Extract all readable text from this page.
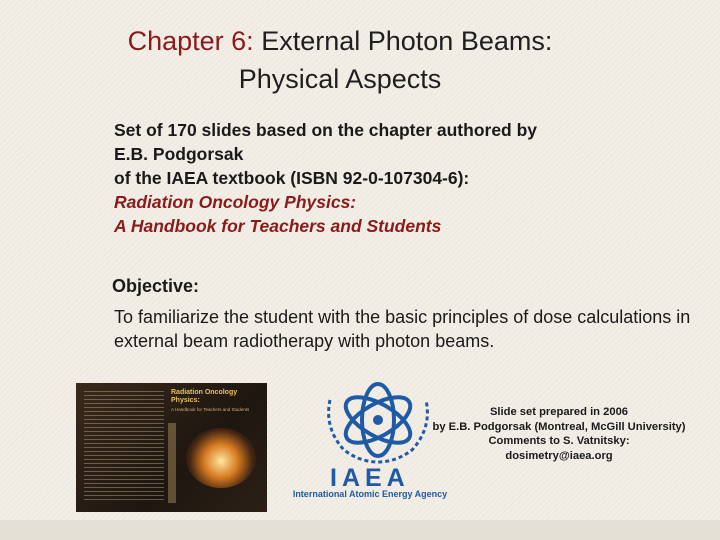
Chapter 6: External Photon Beams:
Physical Aspects
Set of 170 slides based on the chapter authored by
E.B. Podgorsak
of the IAEA textbook (ISBN 92-0-107304-6):
Radiation Oncology Physics:
A Handbook for Teachers and Students
Objective:
To familiarize the student with the basic principles of dose calculations in external beam radiotherapy with photon beams.
Radiation Oncology Physics:
A Handbook for Teachers and Students
IAEA
International Atomic Energy Agency
Slide set prepared in 2006
by E.B. Podgorsak (Montreal, McGill University)
Comments to S. Vatnitsky:
dosimetry@iaea.org
